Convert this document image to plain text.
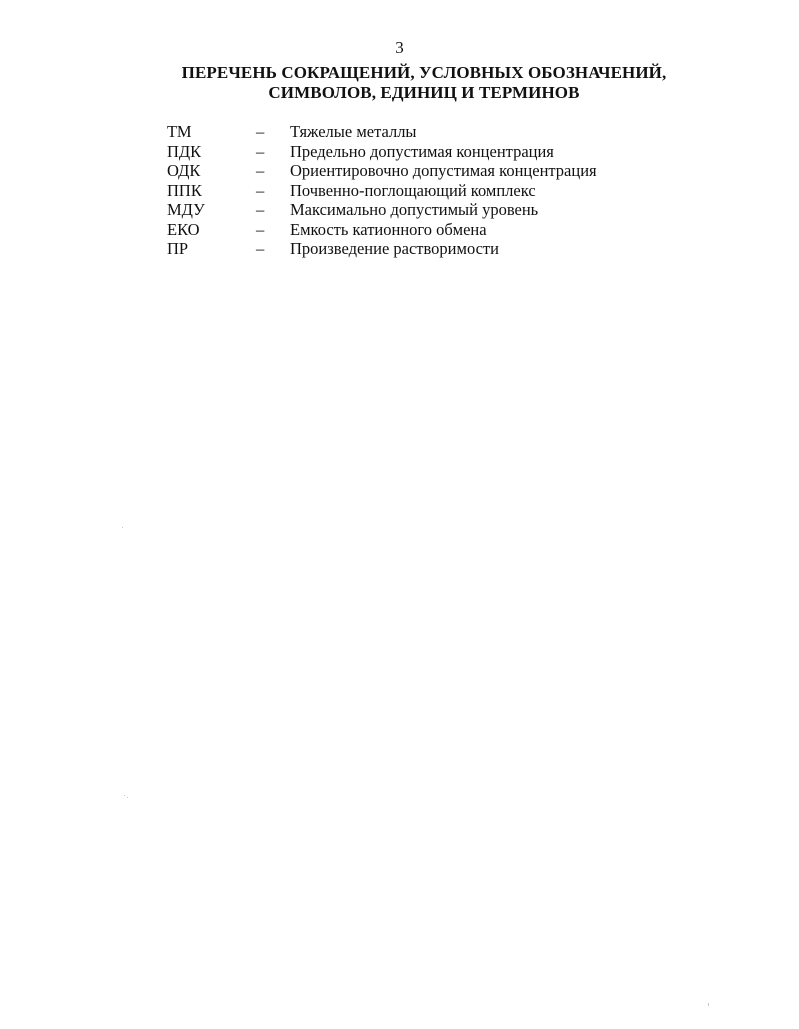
3
ПЕРЕЧЕНЬ СОКРАЩЕНИЙ, УСЛОВНЫХ ОБОЗНАЧЕНИЙ,
СИМВОЛОВ, ЕДИНИЦ И ТЕРМИНОВ
ТМ	– Тяжелые металлы
ПДК	– Предельно допустимая концентрация
ОДК	– Ориентировочно допустимая концентрация
ППК	– Почвенно-поглощающий комплекс
МДУ	– Максимально допустимый уровень
ЕКО	– Емкость катионного обмена
ПР	– Произведение растворимости
